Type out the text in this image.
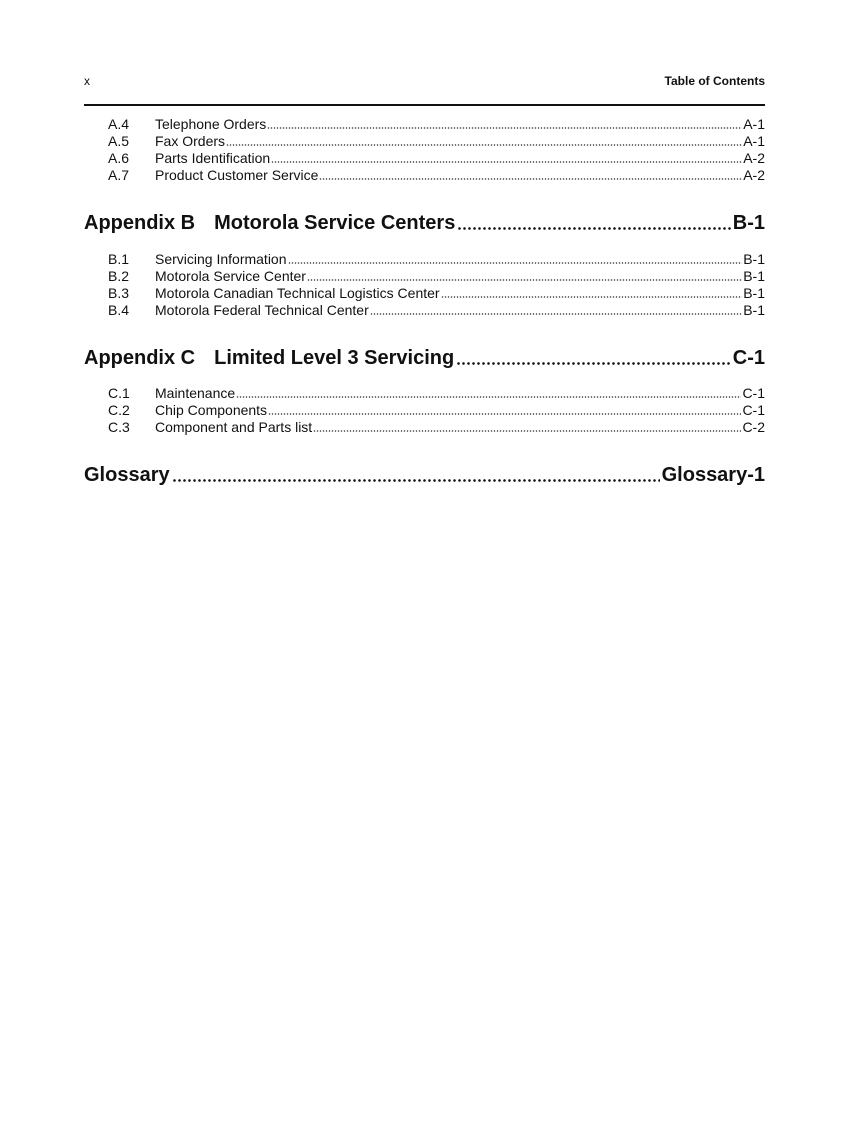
x	Table of Contents
A.4	Telephone Orders	A-1
A.5	Fax Orders	A-1
A.6	Parts Identification	A-2
A.7	Product Customer Service	A-2
Appendix B Motorola Service Centers	B-1
B.1	Servicing Information	B-1
B.2	Motorola Service Center	B-1
B.3	Motorola Canadian Technical Logistics Center	B-1
B.4	Motorola Federal Technical Center	B-1
Appendix C Limited Level 3 Servicing	C-1
C.1	Maintenance	C-1
C.2	Chip Components	C-1
C.3	Component and Parts list	C-2
Glossary	Glossary-1
